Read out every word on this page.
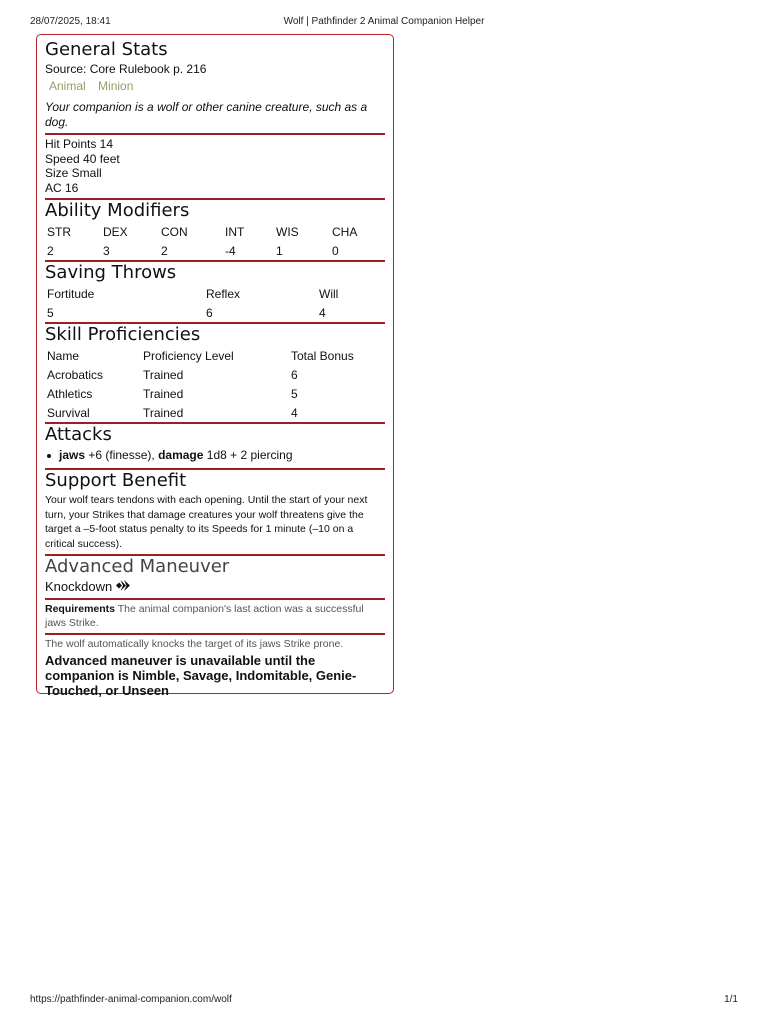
28/07/2025, 18:41	Wolf | Pathfinder 2 Animal Companion Helper
General Stats
Source: Core Rulebook p. 216
Animal Minion
Your companion is a wolf or other canine creature, such as a dog.
Hit Points 14
Speed 40 feet
Size Small
AC 16
Ability Modifiers
STR	DEX	CON	INT	WIS	CHA
2	3	2	-4	1	0
Saving Throws
Fortitude	Reflex	Will
5	6	4
Skill Proficiencies
Name	Proficiency Level	Total Bonus
Acrobatics	Trained	6
Athletics	Trained	5
Survival	Trained	4
Attacks
jaws +6 (finesse), damage 1d8 + 2 piercing
Support Benefit
Your wolf tears tendons with each opening. Until the start of your next turn, your Strikes that damage creatures your wolf threatens give the target a –5-foot status penalty to its Speeds for 1 minute (–10 on a critical success).
Advanced Maneuver
Knockdown
Requirements The animal companion's last action was a successful jaws Strike.
The wolf automatically knocks the target of its jaws Strike prone.
Advanced maneuver is unavailable until the companion is Nimble, Savage, Indomitable, Genie-Touched, or Unseen
https://pathfinder-animal-companion.com/wolf	1/1
